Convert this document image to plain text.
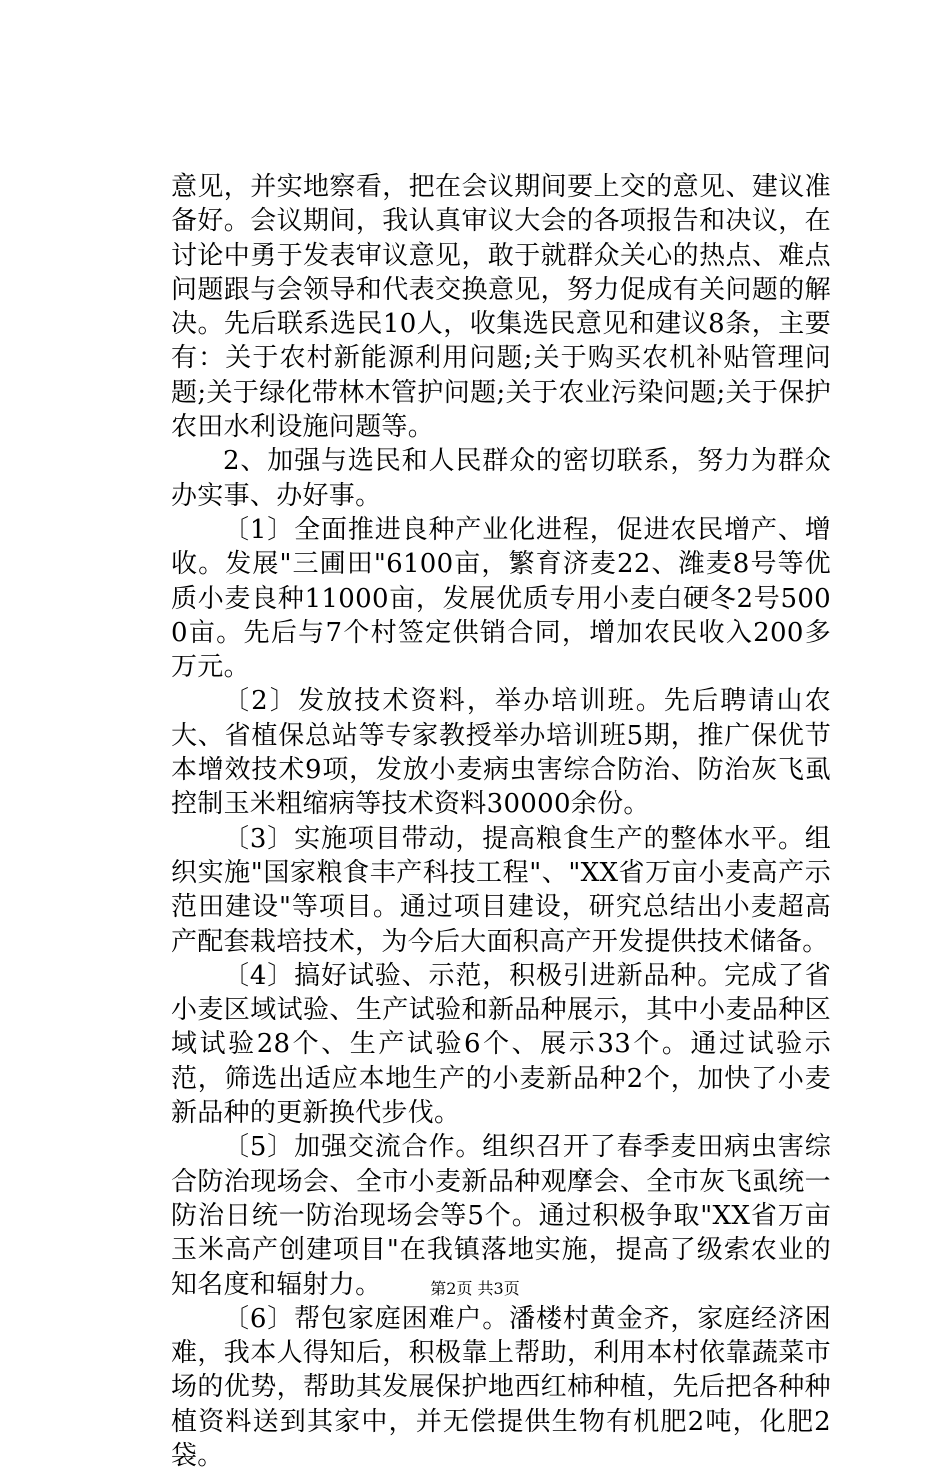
意见，并实地察看，把在会议期间要上交的意见、建议准备好。会议期间，我认真审议大会的各项报告和决议，在讨论中勇于发表审议意见，敢于就群众关心的热点、难点问题跟与会领导和代表交换意见，努力促成有关问题的解决。先后联系选民10人，收集选民意见和建议8条，主要有：关于农村新能源利用问题;关于购买农机补贴管理问题;关于绿化带林木管护问题;关于农业污染问题;关于保护农田水利设施问题等。

2、加强与选民和人民群众的密切联系，努力为群众办实事、办好事。

〔1〕全面推进良种产业化进程，促进农民增产、增收。发展"三圃田"6100亩，繁育济麦22、潍麦8号等优质小麦良种11000亩，发展优质专用小麦白硬冬2号5000亩。先后与7个村签定供销合同，增加农民收入200多万元。

〔2〕发放技术资料，举办培训班。先后聘请山农大、省植保总站等专家教授举办培训班5期，推广保优节本增效技术9项，发放小麦病虫害综合防治、防治灰飞虱控制玉米粗缩病等技术资料30000余份。

〔3〕实施项目带动，提高粮食生产的整体水平。组织实施"国家粮食丰产科技工程"、"XX省万亩小麦高产示范田建设"等项目。通过项目建设，研究总结出小麦超高产配套栽培技术，为今后大面积高产开发提供技术储备。

〔4〕搞好试验、示范，积极引进新品种。完成了省小麦区域试验、生产试验和新品种展示，其中小麦品种区域试验28个、生产试验6个、展示33个。通过试验示范，筛选出适应本地生产的小麦新品种2个，加快了小麦新品种的更新换代步伐。

〔5〕加强交流合作。组织召开了春季麦田病虫害综合防治现场会、全市小麦新品种观摩会、全市灰飞虱统一防治日统一防治现场会等5个。通过积极争取"XX省万亩玉米高产创建项目"在我镇落地实施，提高了级索农业的知名度和辐射力。

〔6〕帮包家庭困难户。潘楼村黄金齐，家庭经济困难，我本人得知后，积极靠上帮助，利用本村依靠蔬菜市场的优势，帮助其发展保护地西红柿种植，先后把各种种植资料送到其家中，并无偿提供生物有机肥2吨，化肥2袋。

第2页 共3页
